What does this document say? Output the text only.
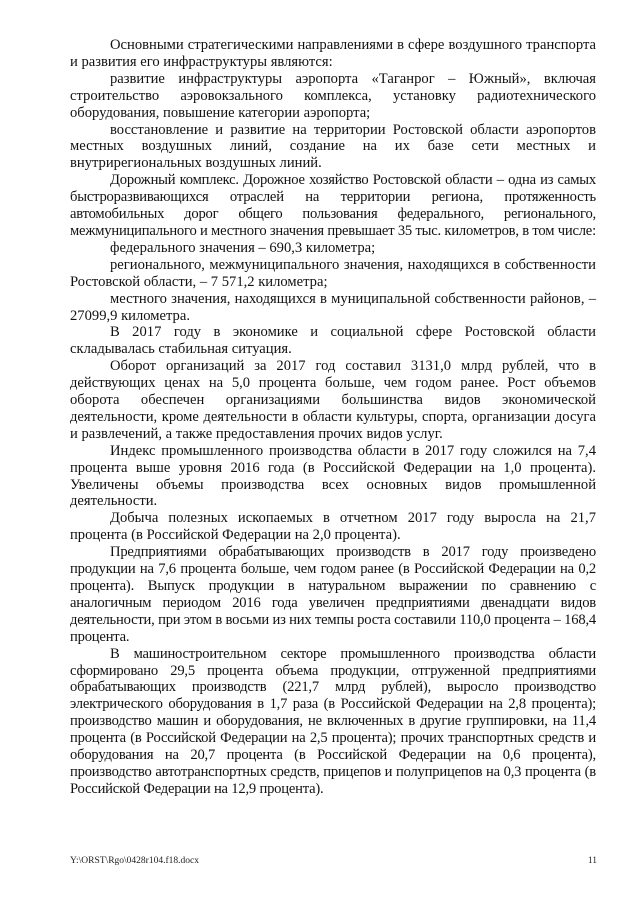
Основными стратегическими направлениями в сфере воздушного транспорта и развития его инфраструктуры являются:

развитие инфраструктуры аэропорта «Таганрог – Южный», включая строительство аэровокзального комплекса, установку радиотехнического оборудования, повышение категории аэропорта;

восстановление и развитие на территории Ростовской области аэропортов местных воздушных линий, создание на их базе сети местных и внутрирегиональных воздушных линий.

Дорожный комплекс. Дорожное хозяйство Ростовской области – одна из самых быстроразвивающихся отраслей на территории региона, протяженность автомобильных дорог общего пользования федерального, регионального, межмуниципального и местного значения превышает 35 тыс. километров, в том числе:

федерального значения – 690,3 километра;

регионального, межмуниципального значения, находящихся в собственности Ростовской области, – 7 571,2 километра;

местного значения, находящихся в муниципальной собственности районов, – 27099,9 километра.

В 2017 году в экономике и социальной сфере Ростовской области складывалась стабильная ситуация.

Оборот организаций за 2017 год составил 3131,0 млрд рублей, что в действующих ценах на 5,0 процента больше, чем годом ранее. Рост объемов оборота обеспечен организациями большинства видов экономической деятельности, кроме деятельности в области культуры, спорта, организации досуга и развлечений, а также предоставления прочих видов услуг.

Индекс промышленного производства области в 2017 году сложился на 7,4 процента выше уровня 2016 года (в Российской Федерации на 1,0 процента). Увеличены объемы производства всех основных видов промышленной деятельности.

Добыча полезных ископаемых в отчетном 2017 году выросла на 21,7 процента (в Российской Федерации на 2,0 процента).

Предприятиями обрабатывающих производств в 2017 году произведено продукции на 7,6 процента больше, чем годом ранее (в Российской Федерации на 0,2 процента). Выпуск продукции в натуральном выражении по сравнению с аналогичным периодом 2016 года увеличен предприятиями двенадцати видов деятельности, при этом в восьми из них темпы роста составили 110,0 процента – 168,4 процента.

В машиностроительном секторе промышленного производства области сформировано 29,5 процента объема продукции, отгруженной предприятиями обрабатывающих производств (221,7 млрд рублей), выросло производство электрического оборудования в 1,7 раза (в Российской Федерации на 2,8 процента); производство машин и оборудования, не включенных в другие группировки, на 11,4 процента (в Российской Федерации на 2,5 процента); прочих транспортных средств и оборудования на 20,7 процента (в Российской Федерации на 0,6 процента), производство автотранспортных средств, прицепов и полуприцепов на 0,3 процента (в Российской Федерации на 12,9 процента).

Y:\ORST\Rgo\0428r104.f18.docx	11
